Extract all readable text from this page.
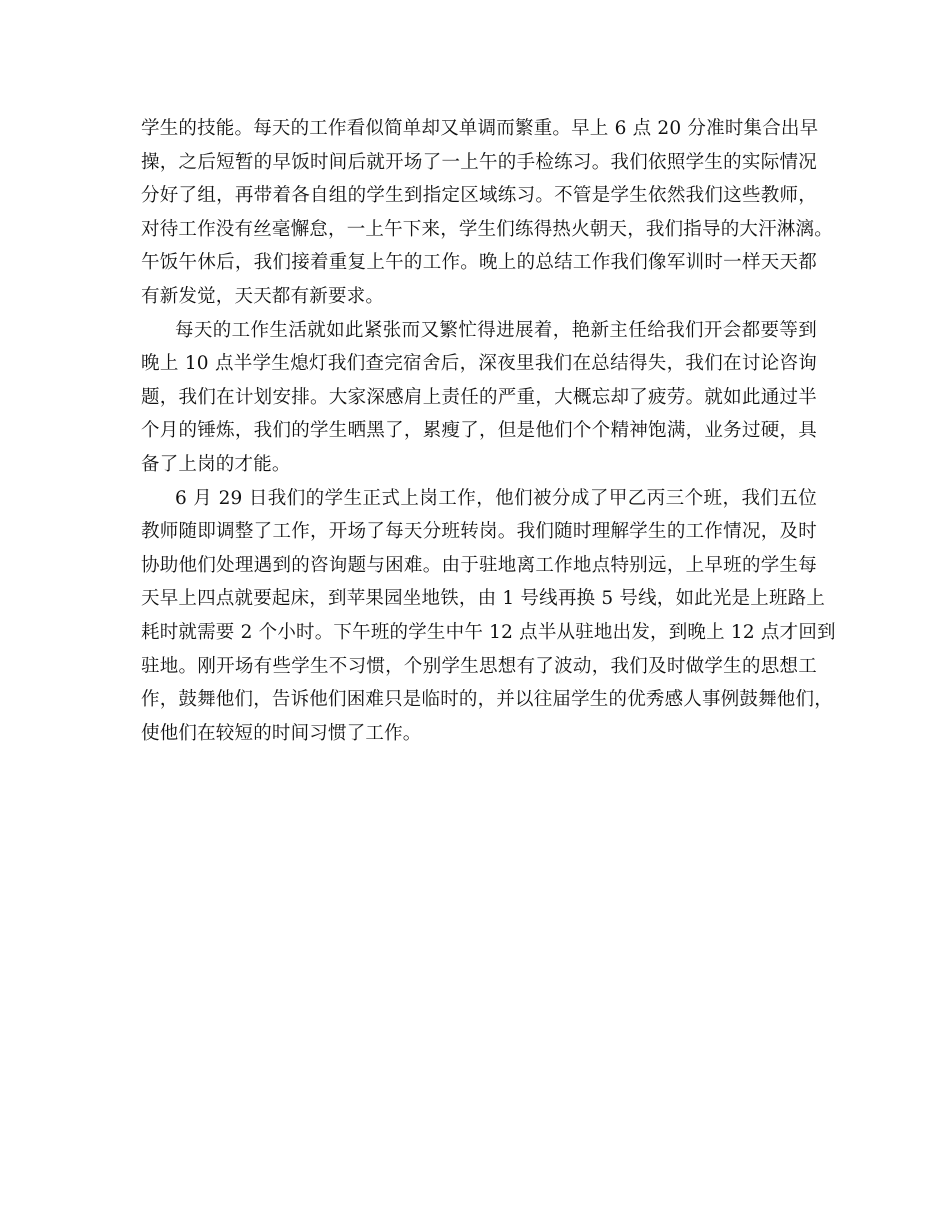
学生的技能。每天的工作看似简单却又单调而繁重。早上 6 点 20 分准时集合出早
操，之后短暂的早饭时间后就开场了一上午的手检练习。我们依照学生的实际情况
分好了组，再带着各自组的学生到指定区域练习。不管是学生依然我们这些教师，
对待工作没有丝毫懈怠，一上午下来，学生们练得热火朝天，我们指导的大汗淋漓。
午饭午休后，我们接着重复上午的工作。晚上的总结工作我们像军训时一样天天都
有新发觉，天天都有新要求。
每天的工作生活就如此紧张而又繁忙得进展着，艳新主任给我们开会都要等到
晚上 10 点半学生熄灯我们查完宿舍后，深夜里我们在总结得失，我们在讨论咨询
题，我们在计划安排。大家深感肩上责任的严重，大概忘却了疲劳。就如此通过半
个月的锤炼，我们的学生晒黑了，累瘦了，但是他们个个精神饱满，业务过硬，具
备了上岗的才能。
6 月 29 日我们的学生正式上岗工作，他们被分成了甲乙丙三个班，我们五位
教师随即调整了工作，开场了每天分班转岗。我们随时理解学生的工作情况，及时
协助他们处理遇到的咨询题与困难。由于驻地离工作地点特别远，上早班的学生每
天早上四点就要起床，到苹果园坐地铁，由 1 号线再换 5 号线，如此光是上班路上
耗时就需要 2 个小时。下午班的学生中午 12 点半从驻地出发，到晚上 12 点才回到
驻地。刚开场有些学生不习惯，个别学生思想有了波动，我们及时做学生的思想工
作，鼓舞他们，告诉他们困难只是临时的，并以往届学生的优秀感人事例鼓舞他们，
使他们在较短的时间习惯了工作。
